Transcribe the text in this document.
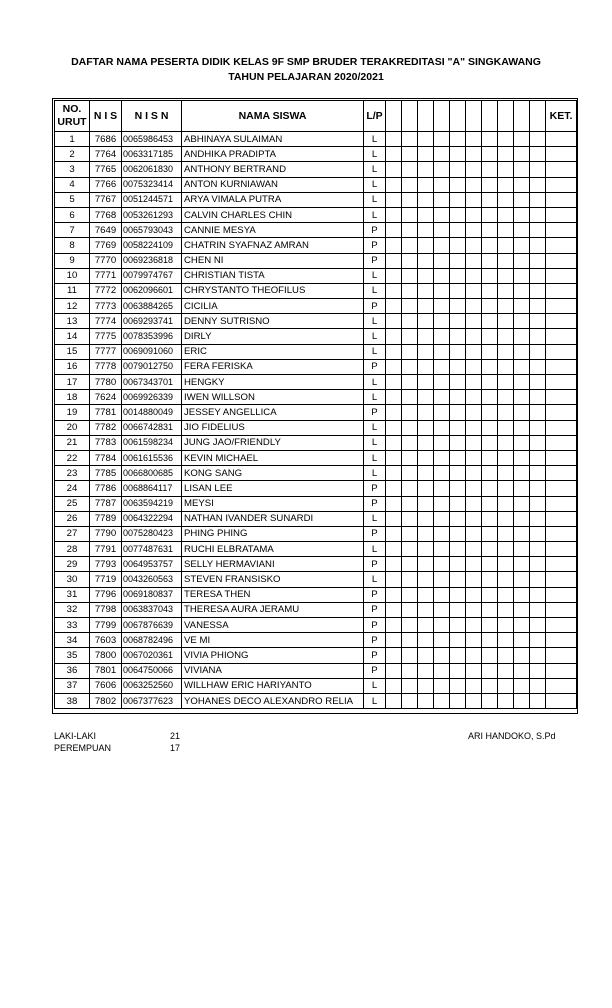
DAFTAR NAMA PESERTA DIDIK KELAS 9F SMP BRUDER TERAKREDITASI "A" SINGKAWANG
TAHUN PELAJARAN 2020/2021
NO.
URUT	N I S	N I S N	NAMA SISWA	L/P											KET.
1	7686	0065986453	ABHINAYA SULAIMAN	L											
2	7764	0063317185	ANDHIKA PRADIPTA	L											
3	7765	0062061830	ANTHONY BERTRAND	L											
4	7766	0075323414	ANTON KURNIAWAN	L											
5	7767	0051244571	ARYA VIMALA PUTRA	L											
6	7768	0053261293	CALVIN CHARLES CHIN	L											
7	7649	0065793043	CANNIE MESYA	P											
8	7769	0058224109	CHATRIN SYAFNAZ AMRAN	P											
9	7770	0069236818	CHEN NI	P											
10	7771	0079974767	CHRISTIAN TISTA	L											
11	7772	0062096601	CHRYSTANTO THEOFILUS	L											
12	7773	0063884265	CICILIA	P											
13	7774	0069293741	DENNY SUTRISNO	L											
14	7775	0078353996	DIRLY	L											
15	7777	0069091060	ERIC	L											
16	7778	0079012750	FERA FERISKA	P											
17	7780	0067343701	HENGKY	L											
18	7624	0069926339	IWEN WILLSON	L											
19	7781	0014880049	JESSEY ANGELLICA	P											
20	7782	0066742831	JIO FIDELIUS	L											
21	7783	0061598234	JUNG JAO/FRIENDLY	L											
22	7784	0061615536	KEVIN MICHAEL	L											
23	7785	0066800685	KONG SANG	L											
24	7786	0068864117	LISAN LEE	P											
25	7787	0063594219	MEYSI	P											
26	7789	0064322294	NATHAN IVANDER SUNARDI	L											
27	7790	0075280423	PHING PHING	P											
28	7791	0077487631	RUCHI ELBRATAMA	L											
29	7793	0064953757	SELLY HERMAVIANI	P											
30	7719	0043260563	STEVEN FRANSISKO	L											
31	7796	0069180837	TERESA THEN	P											
32	7798	0063837043	THERESA AURA JERAMU	P											
33	7799	0067876639	VANESSA	P											
34	7603	0068782496	VE MI	P											
35	7800	0067020361	VIVIA PHIONG	P											
36	7801	0064750066	VIVIANA	P											
37	7606	0063252560	WILLHAW ERIC HARIYANTO	L											
38	7802	0067377623	YOHANES DECO ALEXANDRO RELIA	L											
LAKI-LAKI	21
PEREMPUAN	17
ARI HANDOKO, S.Pd
